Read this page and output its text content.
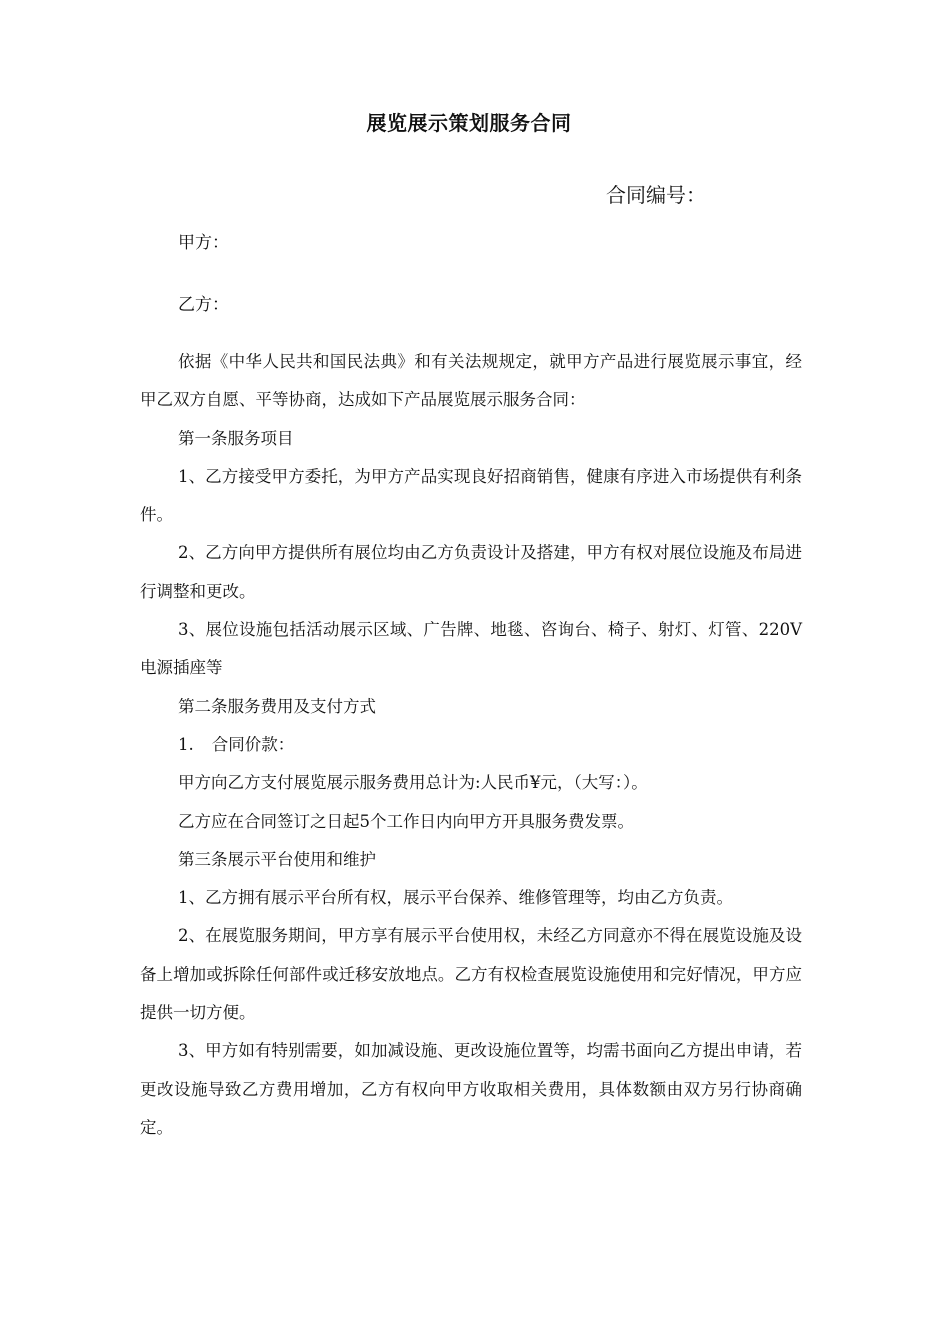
展览展示策划服务合同
合同编号：
甲方：
乙方：

依据《中华人民共和国民法典》和有关法规规定，就甲方产品进行展览展示事宜，经甲乙双方自愿、平等协商，达成如下产品展览展示服务合同：

第一条服务项目

1、乙方接受甲方委托，为甲方产品实现良好招商销售，健康有序进入市场提供有利条件。

2、乙方向甲方提供所有展位均由乙方负责设计及搭建，甲方有权对展位设施及布局进行调整和更改。

3、展位设施包括活动展示区域、广告牌、地毯、咨询台、椅子、射灯、灯管、220V电源插座等

第二条服务费用及支付方式

1. 合同价款：

甲方向乙方支付展览展示服务费用总计为:人民币¥元，（大写：）。

乙方应在合同签订之日起5个工作日内向甲方开具服务费发票。

第三条展示平台使用和维护

1、乙方拥有展示平台所有权，展示平台保养、维修管理等，均由乙方负责。

2、在展览服务期间，甲方享有展示平台使用权，未经乙方同意亦不得在展览设施及设备上增加或拆除任何部件或迁移安放地点。乙方有权检查展览设施使用和完好情况，甲方应提供一切方便。

3、甲方如有特别需要，如加减设施、更改设施位置等，均需书面向乙方提出申请，若更改设施导致乙方费用增加，乙方有权向甲方收取相关费用，具体数额由双方另行协商确定。
